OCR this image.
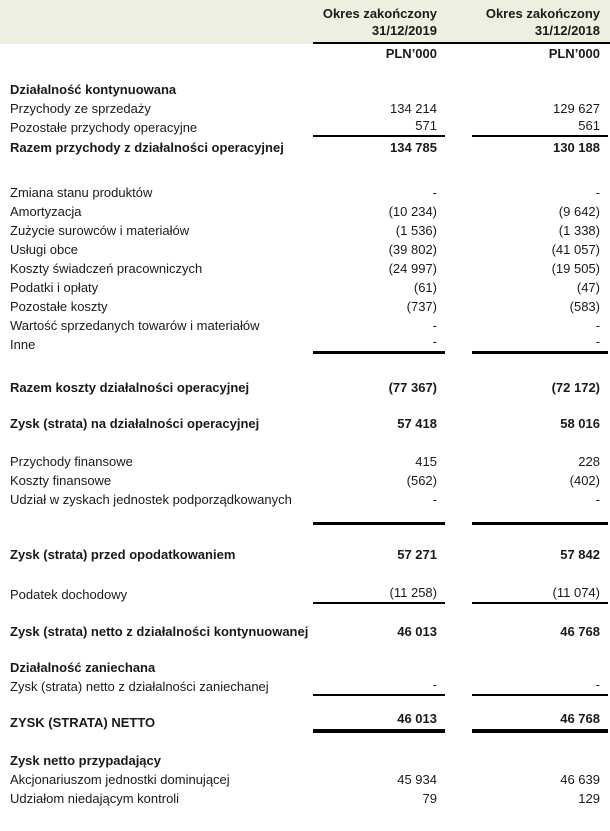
Okres zakończony
31/12/2019
Okres zakończony
31/12/2018
PLN’000	PLN’000
Działalność kontynuowana
Przychody ze sprzedaży	134 214	129 627
Pozostałe przychody operacyjne	571	561
Razem przychody z działalności operacyjnej	134 785	130 188
Zmiana stanu produktów	-	-
Amortyzacja	(10 234)	(9 642)
Zużycie surowców i materiałów	(1 536)	(1 338)
Usługi obce	(39 802)	(41 057)
Koszty świadczeń pracowniczych	(24 997)	(19 505)
Podatki i opłaty	(61)	(47)
Pozostałe koszty	(737)	(583)
Wartość sprzedanych towarów i materiałów	-	-
Inne	-	-
Razem koszty działalności operacyjnej	(77 367)	(72 172)
Zysk (strata) na działalności operacyjnej	57 418	58 016
Przychody finansowe	415	228
Koszty finansowe	(562)	(402)
Udział w zyskach jednostek podporządkowanych	-	-
Zysk (strata) przed opodatkowaniem	57 271	57 842
Podatek dochodowy	(11 258)	(11 074)
Zysk (strata) netto z działalności kontynuowanej	46 013	46 768
Działalność zaniechana
Zysk (strata) netto z działalności zaniechanej	-	-
ZYSK (STRATA) NETTO	46 013	46 768
Zysk netto przypadający
Akcjonariuszom jednostki dominującej	45 934	46 639
Udziałom niedającym kontroli	79	129
